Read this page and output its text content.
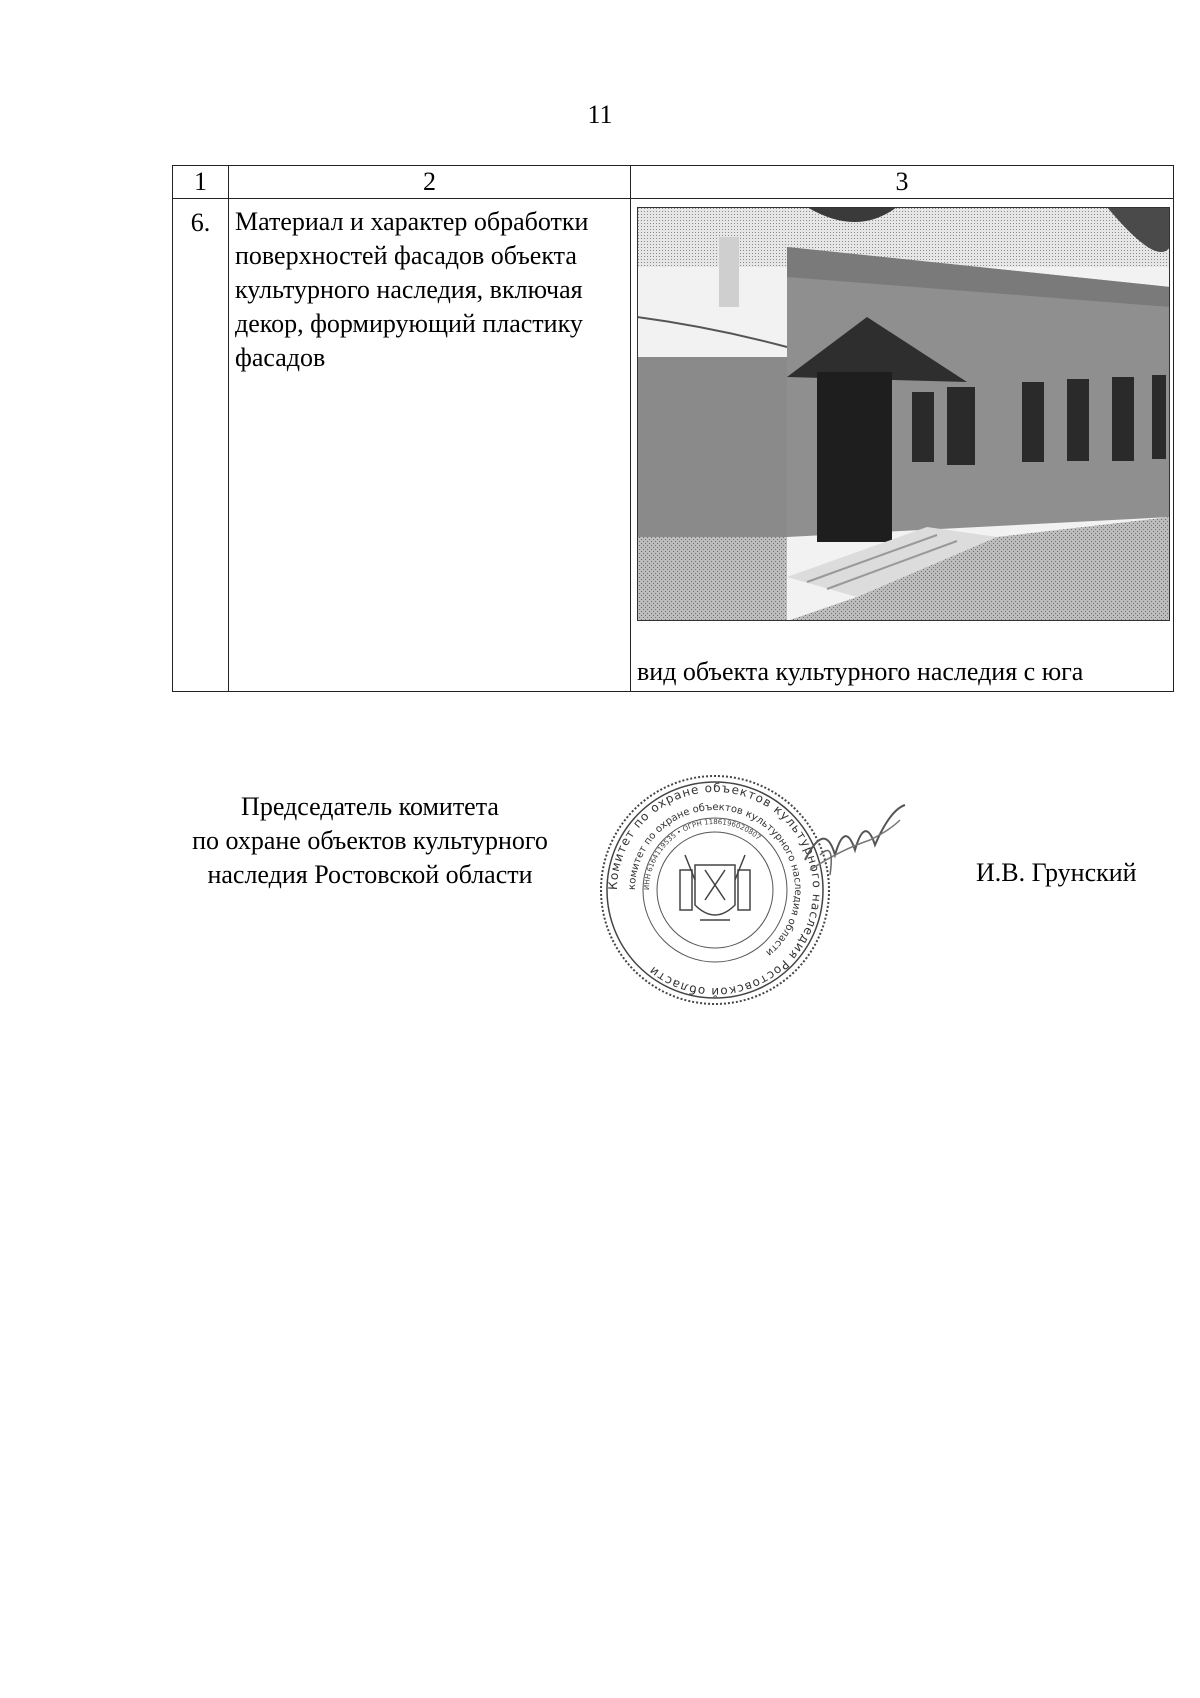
11
1	2	3
6.	Материал и характер обработки
поверхностей фасадов объекта
культурного наследия, включая
декор, формирующий пластику
фасадов	вид объекта культурного наследия с юга
Председатель комитета
по охране объектов культурного
наследия Ростовской области	Комитет по охране объектов культурного наследия Ростовской области
комитет по охране объектов культурного наследия области
ИНН 6164119535 • ОГРН 1186196020807
И.В. Грунский
